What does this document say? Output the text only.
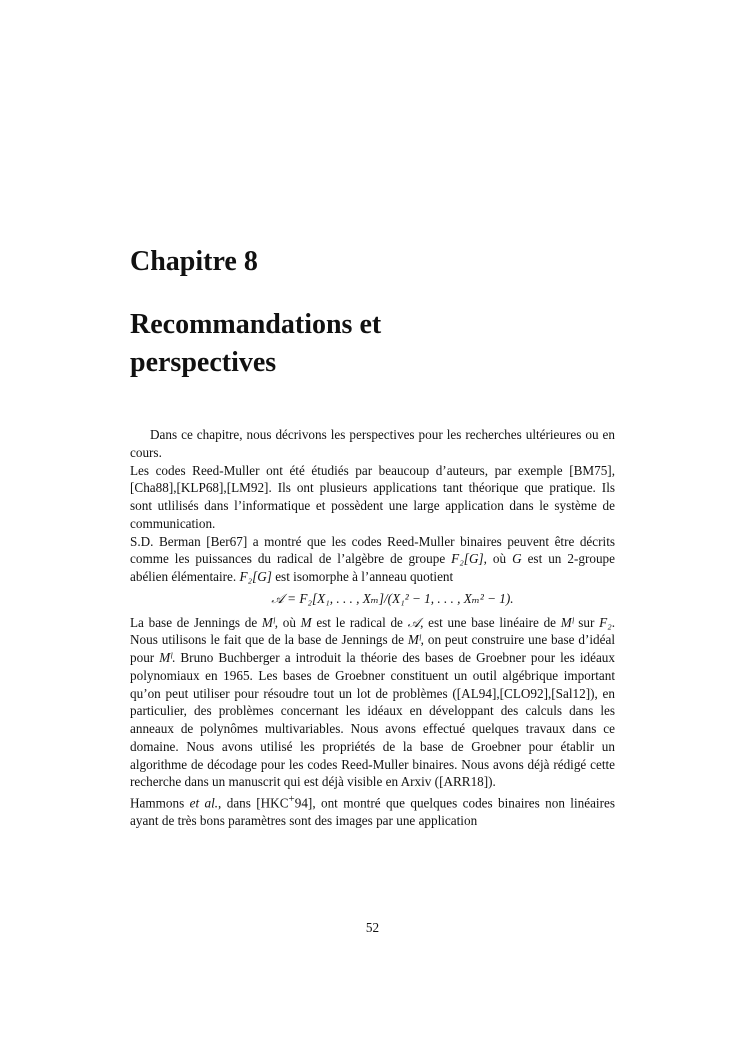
Chapitre 8
Recommandations et
perspectives

Dans ce chapitre, nous décrivons les perspectives pour les recherches ultérieures ou en cours.

Les codes Reed-Muller ont été étudiés par beaucoup d’auteurs, par exemple [BM75],[Cha88],[KLP68],[LM92]. Ils ont plusieurs applications tant théorique que pratique. Ils sont utlilisés dans l’informatique et possèdent une large application dans le système de communication.

S.D. Berman [Ber67] a montré que les codes Reed-Muller binaires peuvent être décrits comme les puissances du radical de l’algèbre de groupe F₂[G], où G est un 2-groupe abélien élémentaire. F₂[G] est isomorphe à l’anneau quotient

𝒜 = F₂[X₁, . . . , Xₘ]/(X₁² − 1, . . . , Xₘ² − 1).

La base de Jennings de Mˡ, où M est le radical de 𝒜, est une base linéaire de Mˡ sur F₂. Nous utilisons le fait que de la base de Jennings de Mˡ, on peut construire une base d’idéal pour Mˡ. Bruno Buchberger a introduit la théorie des bases de Groebner pour les idéaux polynomiaux en 1965. Les bases de Groebner constituent un outil algébrique important qu’on peut utiliser pour résoudre tout un lot de problèmes ([AL94],[CLO92],[Sal12]), en particulier, des problèmes concernant les idéaux en développant des calculs dans les anneaux de polynômes multivariables. Nous avons effectué quelques travaux dans ce domaine. Nous avons utilisé les propriétés de la base de Groebner pour établir un algorithme de décodage pour les codes Reed-Muller binaires. Nous avons déjà rédigé cette recherche dans un manuscrit qui est déjà visible en Arxiv ([ARR18]).

Hammons et al., dans [HKC+94], ont montré que quelques codes binaires non linéaires ayant de très bons paramètres sont des images par une application

52
